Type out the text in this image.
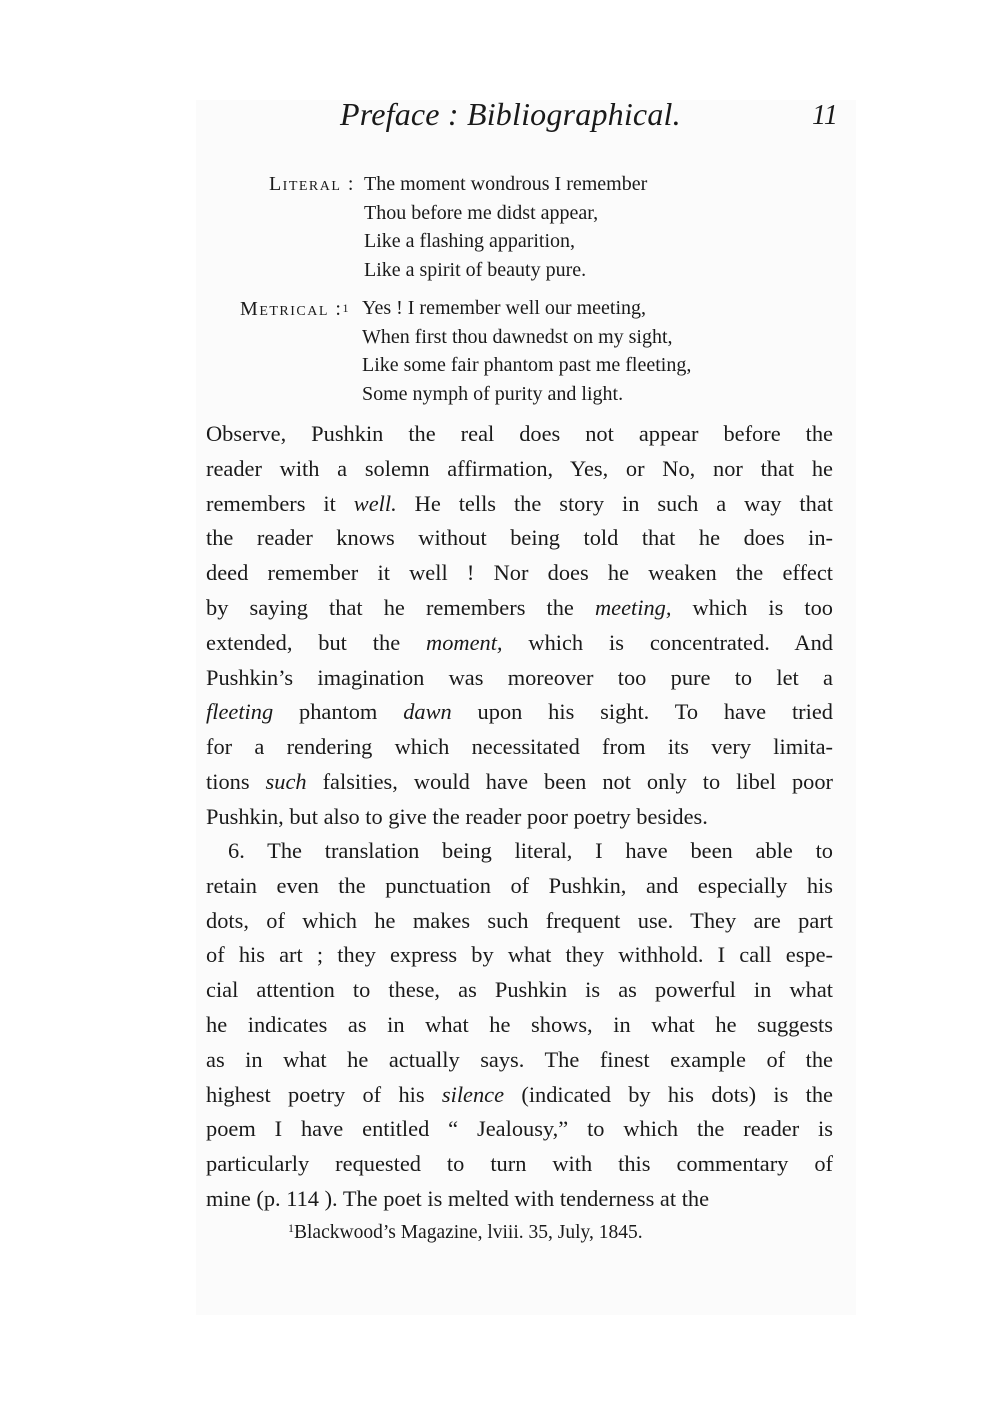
Preface : Bibliographical.	11
Literal : The moment wondrous I remember
Thou before me didst appear,
Like a flashing apparition,
Like a spirit of beauty pure.
Metrical :$^1$ Yes ! I remember well our meeting,
When first thou dawnedst on my sight,
Like some fair phantom past me fleeting,
Some nymph of purity and light.
Observe, Pushkin the real does not appear before the
reader with a solemn affirmation, Yes, or No, nor that he
remembers it well. He tells the story in such a way that
the reader knows without being told that he does in-
deed remember it well ! Nor does he weaken the effect
by saying that he remembers the meeting, which is too
extended, but the moment, which is concentrated. And
Pushkin’s imagination was moreover too pure to let a
fleeting phantom dawn upon his sight. To have tried
for a rendering which necessitated from its very limita-
tions such falsities, would have been not only to libel poor
Pushkin, but also to give the reader poor poetry besides.
6. The translation being literal, I have been able to
retain even the punctuation of Pushkin, and especially his
dots, of which he makes such frequent use. They are part
of his art ; they express by what they withhold. I call espe-
cial attention to these, as Pushkin is as powerful in what
he indicates as in what he shows, in what he suggests
as in what he actually says. The finest example of the
highest poetry of his silence (indicated by his dots) is the
poem I have entitled “ Jealousy,” to which the reader is
particularly requested to turn with this commentary of
mine (p. 114 ). The poet is melted with tenderness at the
$^1$Blackwood’s Magazine, lviii. 35, July, 1845.
